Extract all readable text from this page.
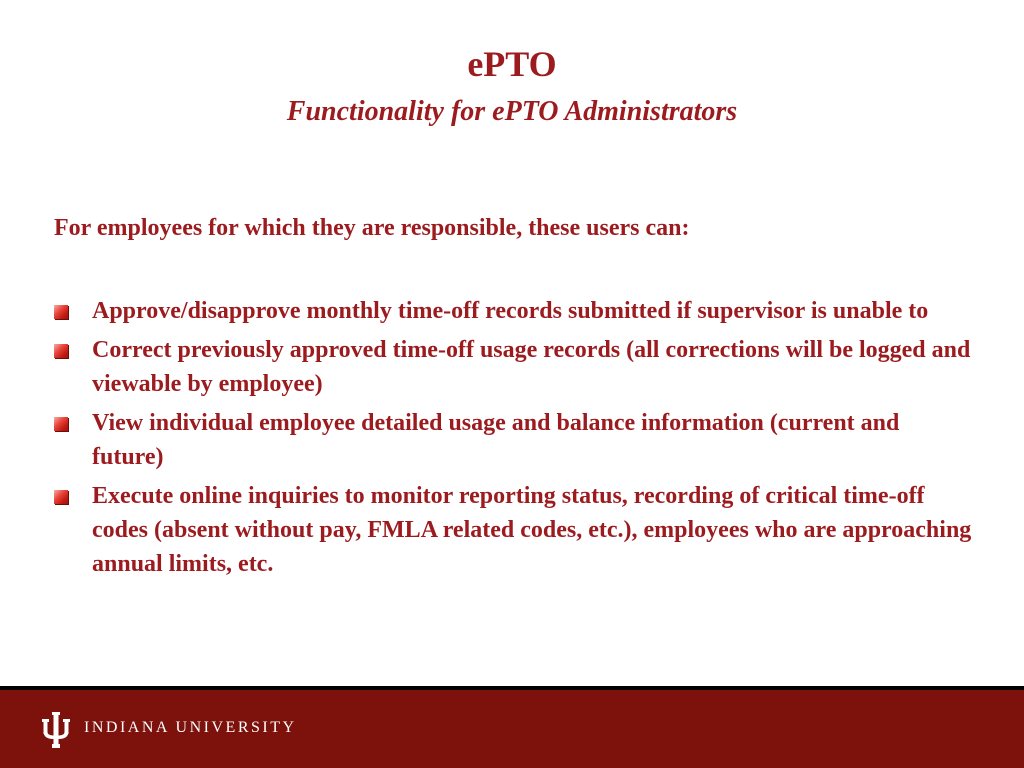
ePTO
Functionality for ePTO Administrators
For employees for which they are responsible, these users can:
Approve/disapprove monthly time-off records submitted if supervisor is unable to
Correct previously approved time-off usage records (all corrections will be logged and viewable by employee)
View individual employee detailed usage and balance information (current and future)
Execute online inquiries to monitor reporting status, recording of critical time-off codes (absent without pay, FMLA related codes, etc.), employees who are approaching annual limits, etc.
INDIANA UNIVERSITY
